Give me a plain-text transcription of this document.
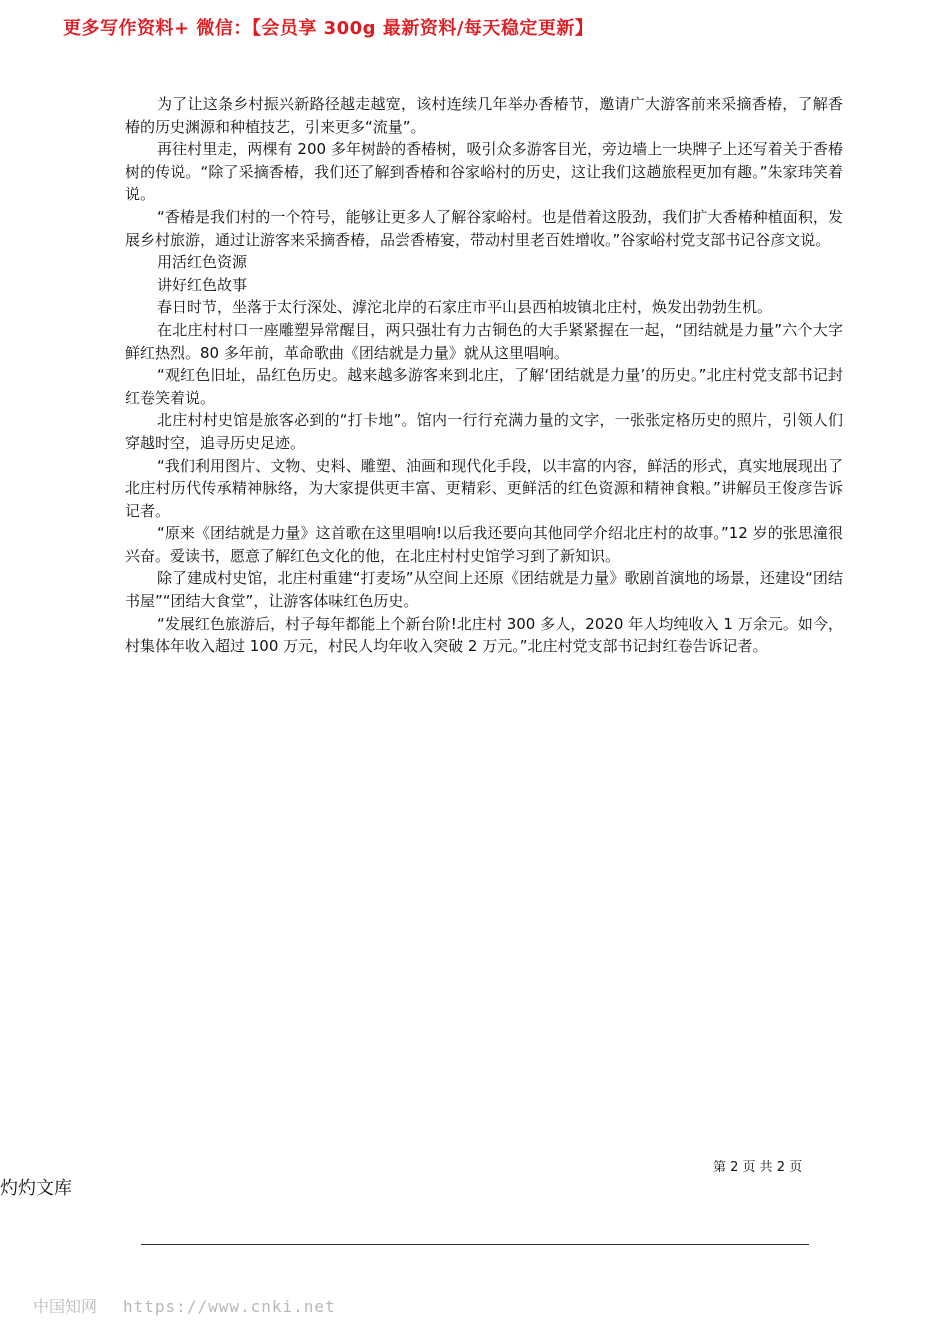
更多写作资料+ 微信：【会员享 300g 最新资料/每天稳定更新】

为了让这条乡村振兴新路径越走越宽，该村连续几年举办香椿节，邀请广大游客前来采摘香椿，了解香椿的历史渊源和种植技艺，引来更多“流量”。

再往村里走，两棵有 200 多年树龄的香椿树，吸引众多游客目光，旁边墙上一块牌子上还写着关于香椿树的传说。“除了采摘香椿，我们还了解到香椿和谷家峪村的历史，这让我们这趟旅程更加有趣。”朱家玮笑着说。

“香椿是我们村的一个符号，能够让更多人了解谷家峪村。也是借着这股劲，我们扩大香椿种植面积，发展乡村旅游，通过让游客来采摘香椿，品尝香椿宴，带动村里老百姓增收。”谷家峪村党支部书记谷彦文说。

用活红色资源

讲好红色故事

春日时节，坐落于太行深处、滹沱北岸的石家庄市平山县西柏坡镇北庄村，焕发出勃勃生机。

在北庄村村口一座雕塑异常醒目，两只强壮有力古铜色的大手紧紧握在一起，“团结就是力量”六个大字鲜红热烈。80 多年前，革命歌曲《团结就是力量》就从这里唱响。

“观红色旧址，品红色历史。越来越多游客来到北庄，了解‘团结就是力量’的历史。”北庄村党支部书记封红卷笑着说。

北庄村村史馆是旅客必到的“打卡地”。馆内一行行充满力量的文字，一张张定格历史的照片，引领人们穿越时空，追寻历史足迹。

“我们利用图片、文物、史料、雕塑、油画和现代化手段，以丰富的内容，鲜活的形式，真实地展现出了北庄村历代传承精神脉络，为大家提供更丰富、更精彩、更鲜活的红色资源和精神食粮。”讲解员王俊彦告诉记者。

“原来《团结就是力量》这首歌在这里唱响!以后我还要向其他同学介绍北庄村的故事。”12 岁的张思潼很兴奋。爱读书，愿意了解红色文化的他，在北庄村村史馆学习到了新知识。

除了建成村史馆，北庄村重建“打麦场”从空间上还原《团结就是力量》歌剧首演地的场景，还建设“团结书屋”“团结大食堂”，让游客体味红色历史。

“发展红色旅游后，村子每年都能上个新台阶!北庄村 300 多人，2020 年人均纯收入 1 万余元。如今，村集体年收入超过 100 万元，村民人均年收入突破 2 万元。”北庄村党支部书记封红卷告诉记者。

第 2 页 共 2 页
灼灼文库
中国知网 https://www.cnki.net
